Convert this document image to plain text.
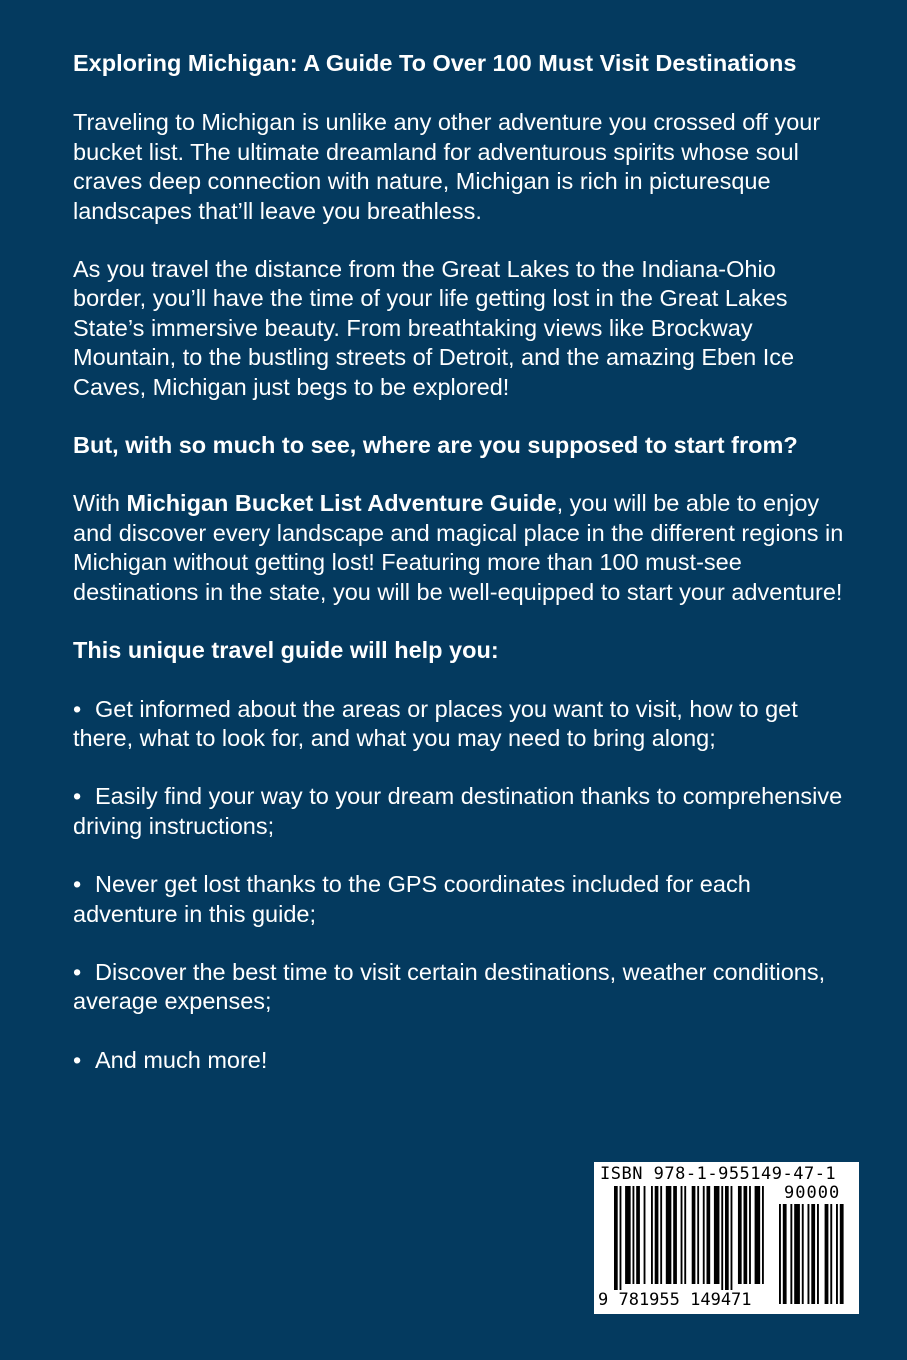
Exploring Michigan: A Guide To Over 100 Must Visit Destinations

Traveling to Michigan is unlike any other adventure you crossed off your bucket list. The ultimate dreamland for adventurous spirits whose soul craves deep connection with nature, Michigan is rich in picturesque landscapes that’ll leave you breathless.

As you travel the distance from the Great Lakes to the Indiana-Ohio border, you’ll have the time of your life getting lost in the Great Lakes State’s immersive beauty. From breathtaking views like Brockway Mountain, to the bustling streets of Detroit, and the amazing Eben Ice Caves, Michigan just begs to be explored!

But, with so much to see, where are you supposed to start from?

With Michigan Bucket List Adventure Guide, you will be able to enjoy and discover every landscape and magical place in the different regions in Michigan without getting lost! Featuring more than 100 must-see destinations in the state, you will be well-equipped to start your adventure!

This unique travel guide will help you:

• Get informed about the areas or places you want to visit, how to get there, what to look for, and what you may need to bring along;
• Easily find your way to your dream destination thanks to comprehensive driving instructions;
• Never get lost thanks to the GPS coordinates included for each adventure in this guide;
• Discover the best time to visit certain destinations, weather conditions, average expenses;
• And much more!
ISBN 978-1-955149-47-1
90000
9 781955 149471
